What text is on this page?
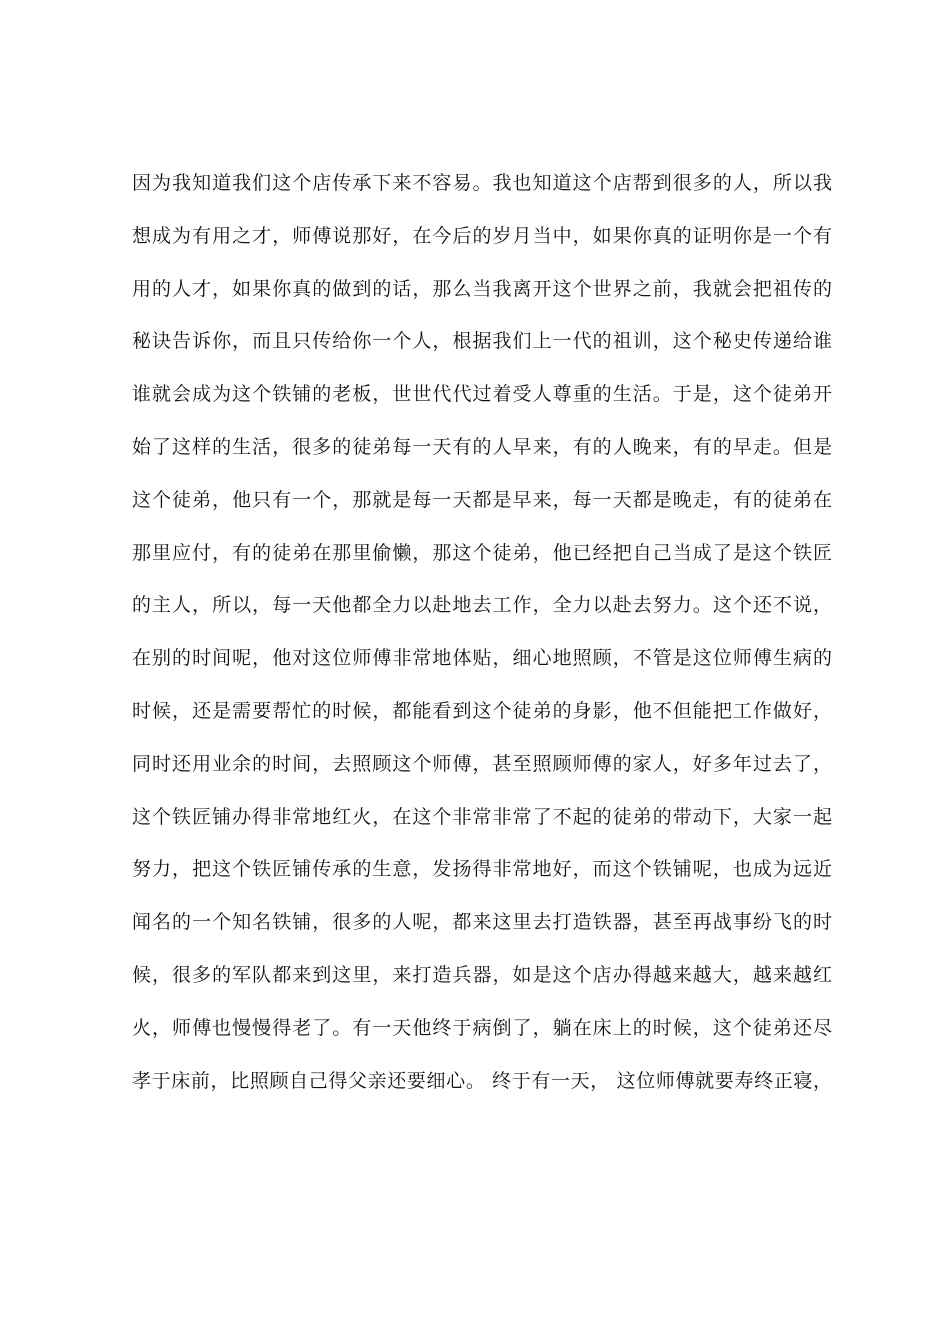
因为我知道我们这个店传承下来不容易。我也知道这个店帮到很多的人，所以我
想成为有用之才，师傅说那好，在今后的岁月当中，如果你真的证明你是一个有
用的人才，如果你真的做到的话，那么当我离开这个世界之前，我就会把祖传的
秘诀告诉你，而且只传给你一个人，根据我们上一代的祖训，这个秘史传递给谁
谁就会成为这个铁铺的老板，世世代代过着受人尊重的生活。于是，这个徒弟开
始了这样的生活，很多的徒弟每一天有的人早来，有的人晚来，有的早走。但是
这个徒弟，他只有一个，那就是每一天都是早来，每一天都是晚走，有的徒弟在
那里应付，有的徒弟在那里偷懒，那这个徒弟，他已经把自己当成了是这个铁匠
的主人，所以，每一天他都全力以赴地去工作，全力以赴去努力。这个还不说，
在别的时间呢，他对这位师傅非常地体贴，细心地照顾，不管是这位师傅生病的
时候，还是需要帮忙的时候，都能看到这个徒弟的身影，他不但能把工作做好，
同时还用业余的时间，去照顾这个师傅，甚至照顾师傅的家人，好多年过去了，
这个铁匠铺办得非常地红火，在这个非常非常了不起的徒弟的带动下，大家一起
努力，把这个铁匠铺传承的生意，发扬得非常地好，而这个铁铺呢，也成为远近
闻名的一个知名铁铺，很多的人呢，都来这里去打造铁器，甚至再战事纷飞的时
候，很多的军队都来到这里，来打造兵器，如是这个店办得越来越大，越来越红
火，师傅也慢慢得老了。有一天他终于病倒了，躺在床上的时候，这个徒弟还尽
孝于床前，比照顾自己得父亲还要细心。 终于有一天， 这位师傅就要寿终正寝，
